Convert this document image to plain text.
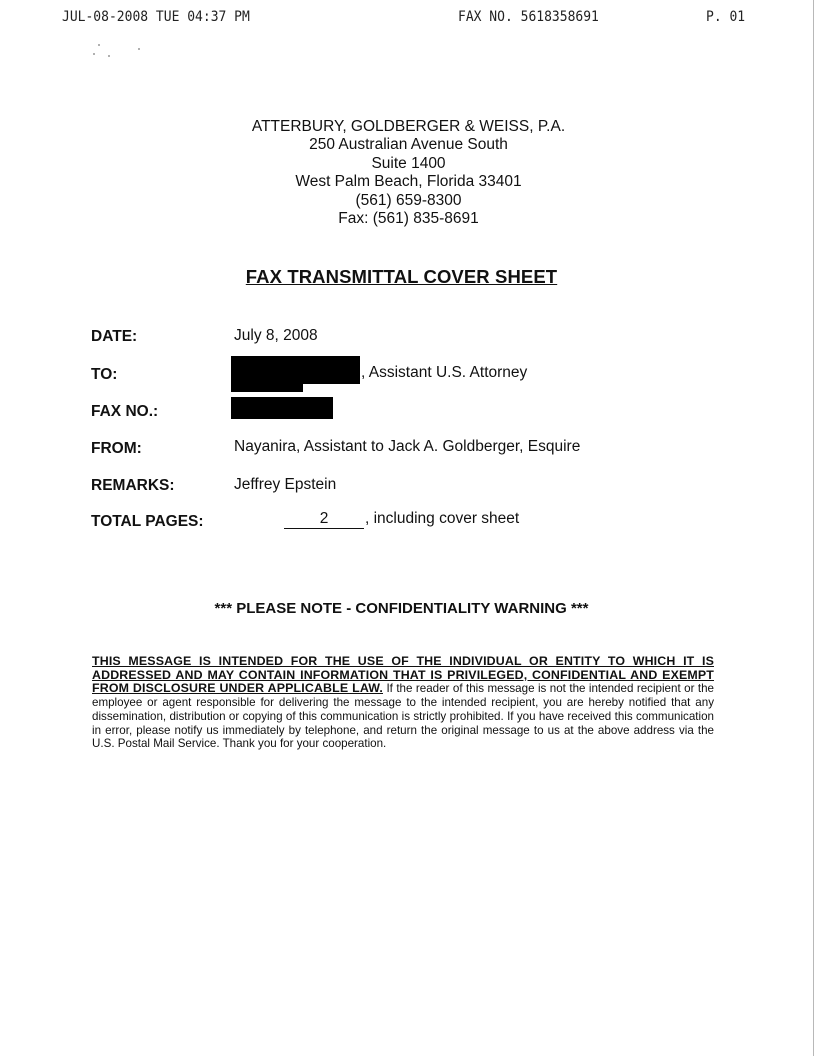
JUL-08-2008 TUE 04:37 PM	FAX NO. 5618358691	P. 01
ATTERBURY, GOLDBERGER & WEISS, P.A.
250 Australian Avenue South
Suite 1400
West Palm Beach, Florida 33401
(561) 659-8300
Fax: (561) 835-8691
FAX TRANSMITTAL COVER SHEET
DATE:	July 8, 2008
TO:	, Assistant U.S. Attorney
FAX NO.:
FROM:	Nayanira, Assistant to Jack A. Goldberger, Esquire
REMARKS:	Jeffrey Epstein
TOTAL PAGES:	2	, including cover sheet
*** PLEASE NOTE - CONFIDENTIALITY WARNING ***
THIS MESSAGE IS INTENDED FOR THE USE OF THE INDIVIDUAL OR ENTITY TO WHICH IT IS ADDRESSED AND MAY CONTAIN INFORMATION THAT IS PRIVILEGED, CONFIDENTIAL AND EXEMPT FROM DISCLOSURE UNDER APPLICABLE LAW. If the reader of this message is not the intended recipient or the employee or agent responsible for delivering the message to the intended recipient, you are hereby notified that any dissemination, distribution or copying of this communication is strictly prohibited. If you have received this communication in error, please notify us immediately by telephone, and return the original message to us at the above address via the U.S. Postal Mail Service. Thank you for your cooperation.
